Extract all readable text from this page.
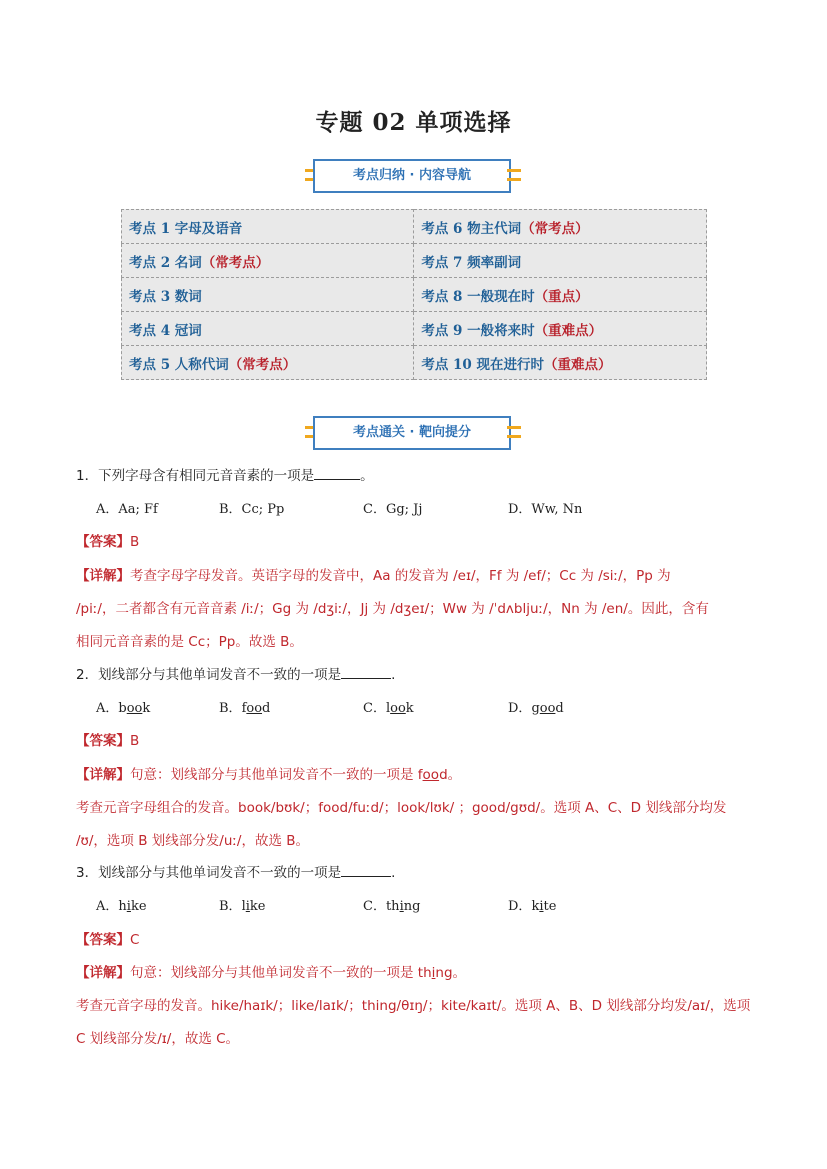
专题 02 单项选择
考点归纳 · 内容导航
考点 1 字母及语音	考点 6 物主代词（常考点）
考点 2 名词（常考点）	考点 7 频率副词
考点 3 数词	考点 8 一般现在时（重点）
考点 4 冠词	考点 9 一般将来时（重难点）
考点 5 人称代词（常考点）	考点 10 现在进行时（重难点）
考点通关 · 靶向提分
1．下列字母含有相同元音音素的一项是	。
A．Aa; Ff	B．Cc; Pp	C．Gg; Jj	D．Ww, Nn
【答案】B
【详解】考查字母字母发音。英语字母的发音中，Aa 的发音为 /eɪ/，Ff 为 /ef/；Cc 为 /siː/，Pp 为
/piː/，二者都含有元音音素 /iː/；Gg 为 /dʒiː/，Jj 为 /dʒeɪ/；Ww 为 /ˈdʌbljuː/，Nn 为 /en/。因此，含有
相同元音音素的是 Cc；Pp。故选 B。
2．划线部分与其他单词发音不一致的一项是	.
A．book	B．food	C．look	D．good
【答案】B
【详解】句意：划线部分与其他单词发音不一致的一项是 food。
考查元音字母组合的发音。book/bʊk/；food/fuːd/；look/lʊk/ ；good/gʊd/。选项 A、C、D 划线部分均发
/ʊ/，选项 B 划线部分发/uː/，故选 B。
3．划线部分与其他单词发音不一致的一项是	.
A．hike	B．like	C．thing	D．kite
【答案】C
【详解】句意：划线部分与其他单词发音不一致的一项是 thing。
考查元音字母的发音。hike/haɪk/；like/laɪk/；thing/θɪŋ/；kite/kaɪt/。选项 A、B、D 划线部分均发/aɪ/，选项
C 划线部分发/ɪ/，故选 C。
